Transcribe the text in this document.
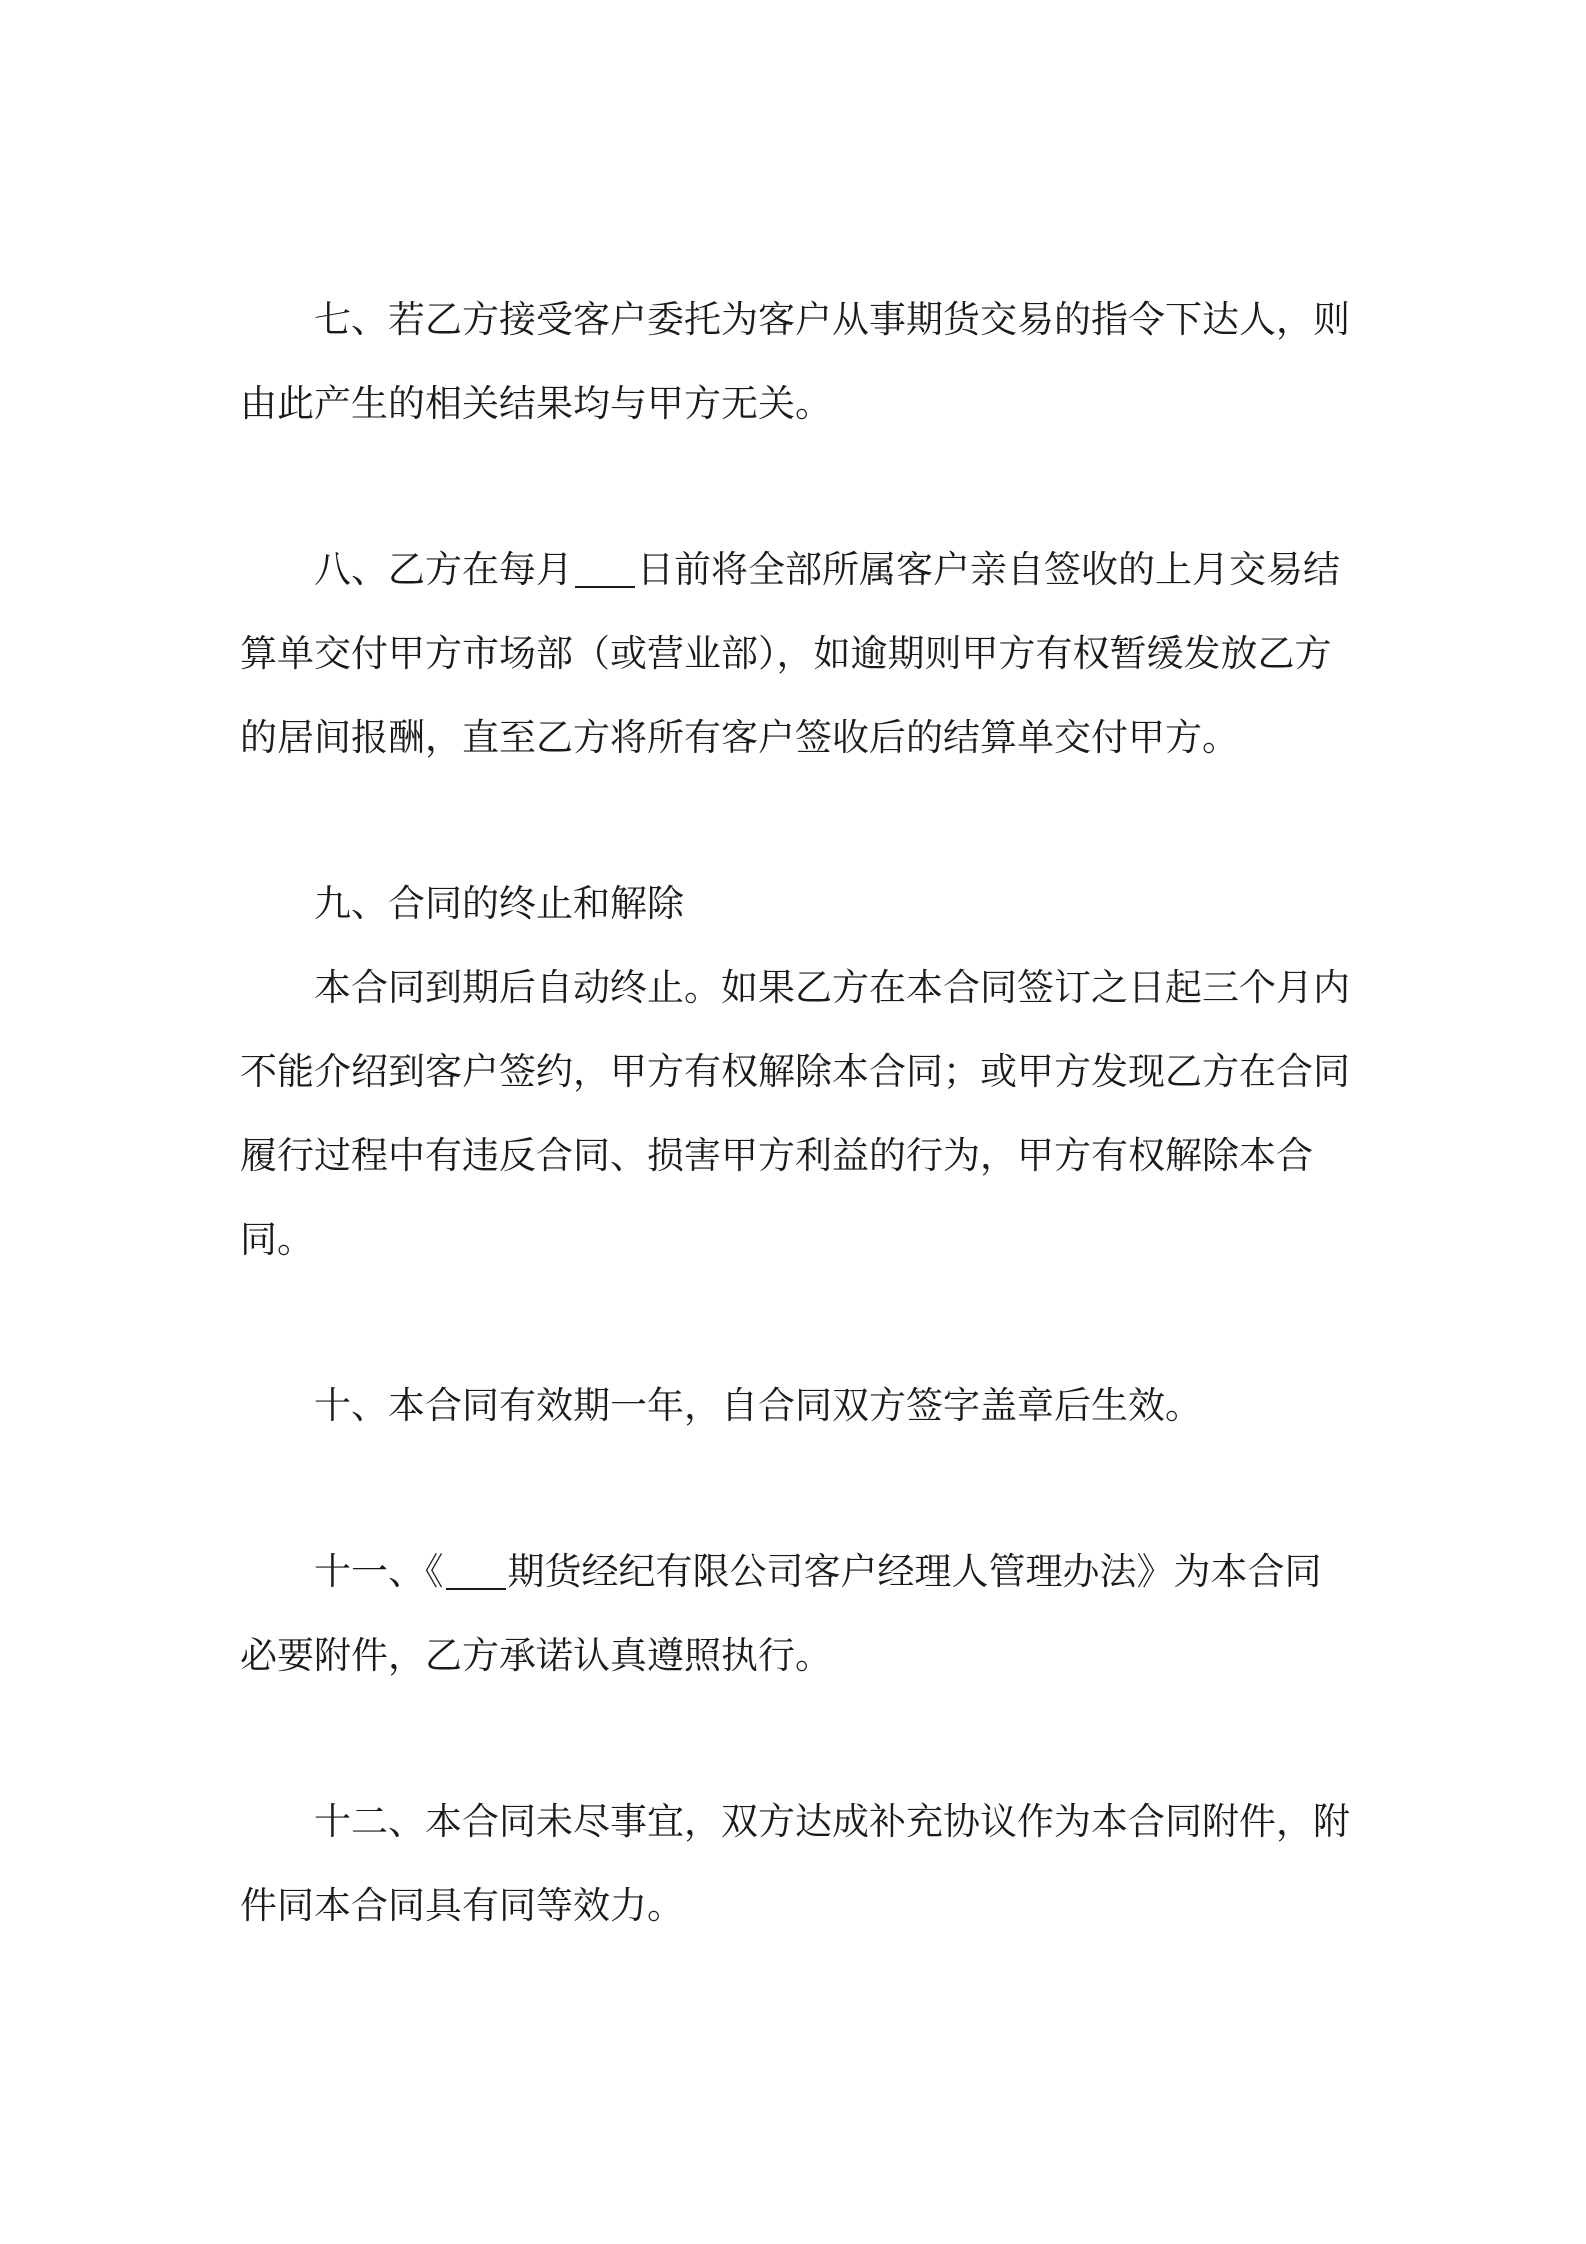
七、若乙方接受客户委托为客户从事期货交易的指令下达人，则由此产生的相关结果均与甲方无关。

八、乙方在每月 日前将全部所属客户亲自签收的上月交易结算单交付甲方市场部（或营业部），如逾期则甲方有权暂缓发放乙方的居间报酬，直至乙方将所有客户签收后的结算单交付甲方。

九、合同的终止和解除

本合同到期后自动终止。如果乙方在本合同签订之日起三个月内不能介绍到客户签约，甲方有权解除本合同；或甲方发现乙方在合同履行过程中有违反合同、损害甲方利益的行为，甲方有权解除本合同。

十、本合同有效期一年，自合同双方签字盖章后生效。

十一、《 期货经纪有限公司客户经理人管理办法》为本合同必要附件，乙方承诺认真遵照执行。

十二、本合同未尽事宜，双方达成补充协议作为本合同附件，附件同本合同具有同等效力。
